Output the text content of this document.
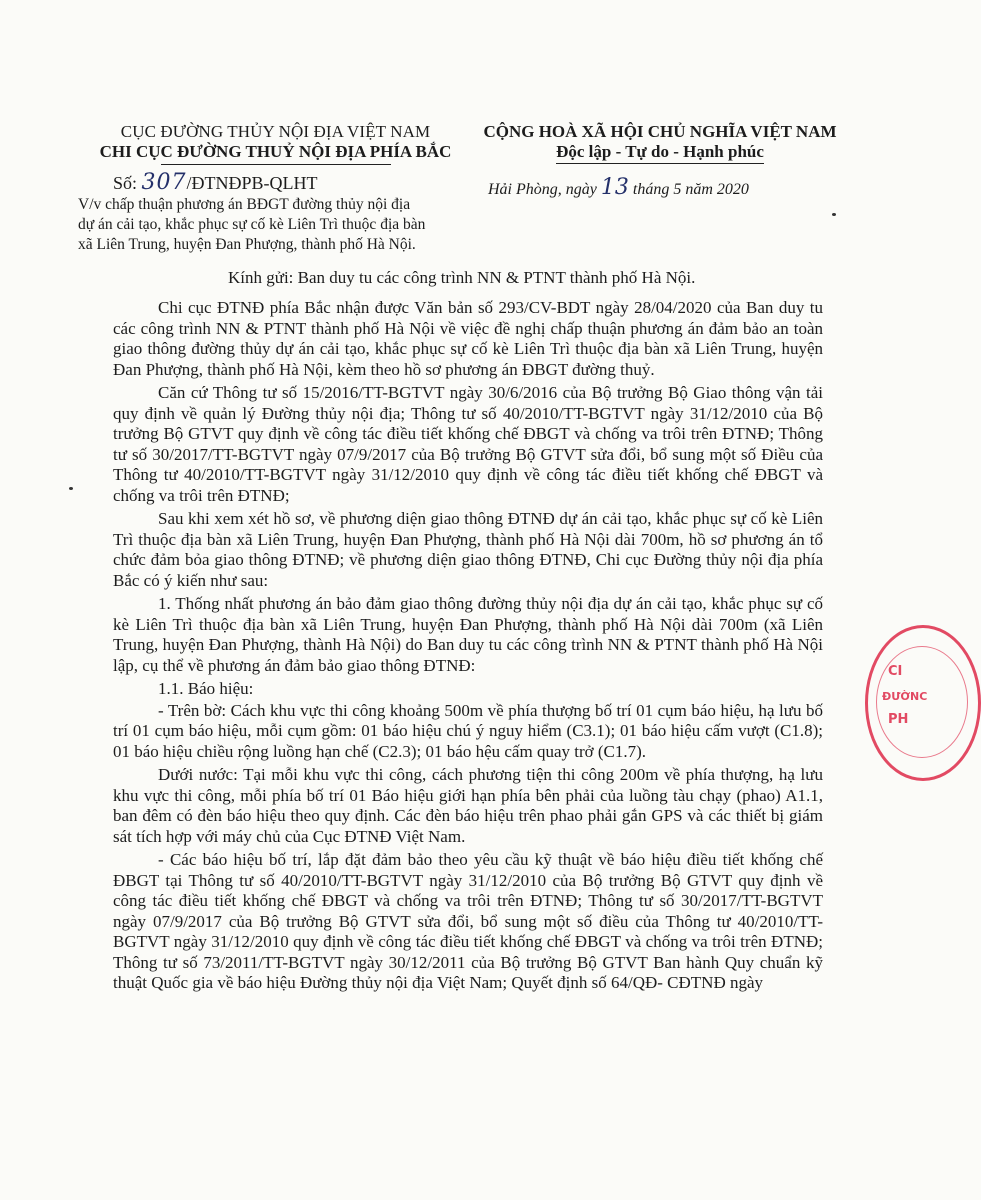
CỤC ĐƯỜNG THỦY NỘI ĐỊA VIỆT NAM
CHI CỤC ĐƯỜNG THUỶ NỘI ĐỊA PHÍA BẮC
CỘNG HOÀ XÃ HỘI CHỦ NGHĨA VIỆT NAM
Độc lập - Tự do - Hạnh phúc
Số: 307/ĐTNĐPB-QLHT	Hải Phòng, ngày 13 tháng 5 năm 2020
V/v chấp thuận phương án BĐGT đường thủy nội địa
dự án cải tạo, khắc phục sự cố kè Liên Trì thuộc địa bàn
xã Liên Trung, huyện Đan Phượng, thành phố Hà Nội.
Kính gửi: Ban duy tu các công trình NN & PTNT thành phố Hà Nội.

Chi cục ĐTNĐ phía Bắc nhận được Văn bản số 293/CV-BDT ngày 28/04/2020 của Ban duy tu các công trình NN & PTNT thành phố Hà Nội về việc đề nghị chấp thuận phương án đảm bảo an toàn giao thông đường thủy dự án cải tạo, khắc phục sự cố kè Liên Trì thuộc địa bàn xã Liên Trung, huyện Đan Phượng, thành phố Hà Nội, kèm theo hồ sơ phương án ĐBGT đường thuỷ.

Căn cứ Thông tư số 15/2016/TT-BGTVT ngày 30/6/2016 của Bộ trưởng Bộ Giao thông vận tải quy định về quản lý Đường thủy nội địa; Thông tư số 40/2010/TT-BGTVT ngày 31/12/2010 của Bộ trưởng Bộ GTVT quy định về công tác điều tiết khống chế ĐBGT và chống va trôi trên ĐTNĐ; Thông tư số 30/2017/TT-BGTVT ngày 07/9/2017 của Bộ trưởng Bộ GTVT sửa đổi, bổ sung một số Điều của Thông tư 40/2010/TT-BGTVT ngày 31/12/2010 quy định về công tác điều tiết khống chế ĐBGT và chống va trôi trên ĐTNĐ;

Sau khi xem xét hồ sơ, về phương diện giao thông ĐTNĐ dự án cải tạo, khắc phục sự cố kè Liên Trì thuộc địa bàn xã Liên Trung, huyện Đan Phượng, thành phố Hà Nội dài 700m, hồ sơ phương án tổ chức đảm bỏa giao thông ĐTNĐ; về phương diện giao thông ĐTNĐ, Chi cục Đường thủy nội địa phía Bắc có ý kiến như sau:

1. Thống nhất phương án bảo đảm giao thông đường thủy nội địa dự án cải tạo, khắc phục sự cố kè Liên Trì thuộc địa bàn xã Liên Trung, huyện Đan Phượng, thành phố Hà Nội dài 700m (xã Liên Trung, huyện Đan Phượng, thành Hà Nội) do Ban duy tu các công trình NN & PTNT thành phố Hà Nội lập, cụ thể về phương án đảm bảo giao thông ĐTNĐ:

1.1. Báo hiệu:

- Trên bờ: Cách khu vực thi công khoảng 500m về phía thượng bố trí 01 cụm báo hiệu, hạ lưu bố trí 01 cụm báo hiệu, mỗi cụm gồm: 01 báo hiệu chú ý nguy hiểm (C3.1); 01 báo hiệu cấm vượt (C1.8); 01 báo hiệu chiều rộng luồng hạn chế (C2.3); 01 báo hệu cấm quay trở (C1.7).

Dưới nước: Tại mỗi khu vực thi công, cách phương tiện thi công 200m về phía thượng, hạ lưu khu vực thi công, mỗi phía bố trí 01 Báo hiệu giới hạn phía bên phải của luồng tàu chạy (phao) A1.1, ban đêm có đèn báo hiệu theo quy định. Các đèn báo hiệu trên phao phải gắn GPS và các thiết bị giám sát tích hợp với máy chủ của Cục ĐTNĐ Việt Nam.

- Các báo hiệu bố trí, lắp đặt đảm bảo theo yêu cầu kỹ thuật về báo hiệu điều tiết khống chế ĐBGT tại Thông tư số 40/2010/TT-BGTVT ngày 31/12/2010 của Bộ trưởng Bộ GTVT quy định về công tác điều tiết khống chế ĐBGT và chống va trôi trên ĐTNĐ; Thông tư số 30/2017/TT-BGTVT ngày 07/9/2017 của Bộ trưởng Bộ GTVT sửa đổi, bổ sung một số điều của Thông tư 40/2010/TT-BGTVT ngày 31/12/2010 quy định về công tác điều tiết khống chế ĐBGT và chống va trôi trên ĐTNĐ; Thông tư số 73/2011/TT-BGTVT ngày 30/12/2011 của Bộ trưởng Bộ GTVT Ban hành Quy chuẩn kỹ thuật Quốc gia về báo hiệu Đường thủy nội địa Việt Nam; Quyết định số 64/QĐ- CĐTNĐ ngày

CI
ĐƯỜNC
PH
